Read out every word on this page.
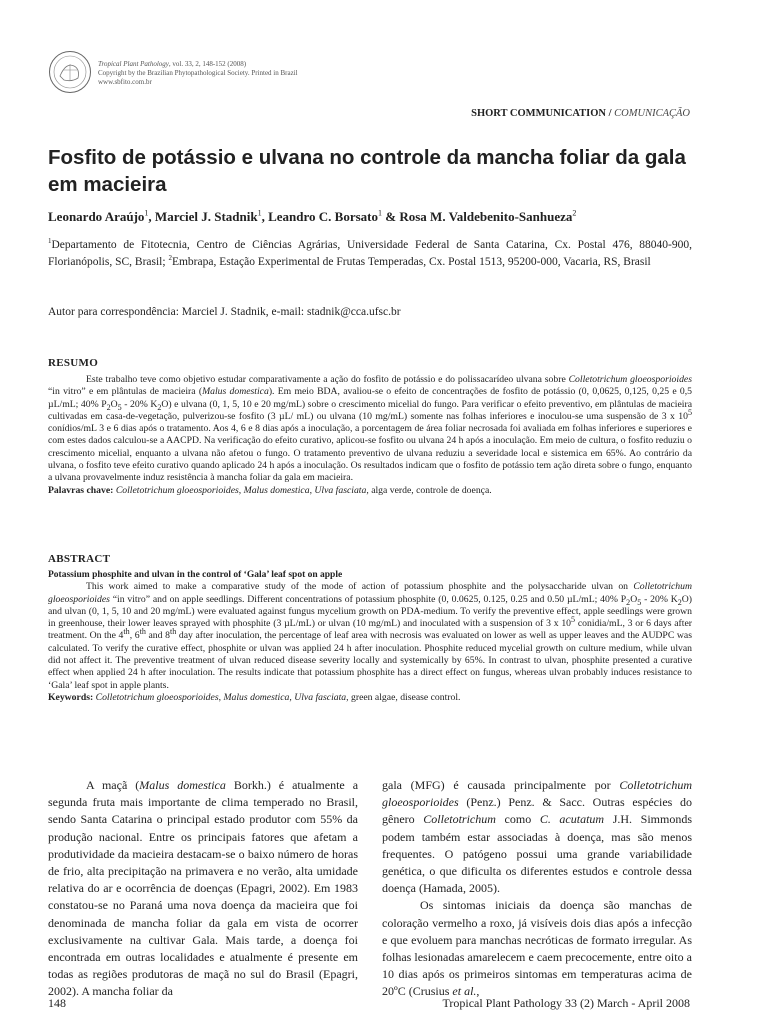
Tropical Plant Pathology, vol. 33, 2, 148-152 (2008)
Copyright by the Brazilian Phytopathological Society. Printed in Brazil
www.sbfito.com.br
SHORT COMMUNICATION / COMUNICAÇÃO
Fosfito de potássio e ulvana no controle da mancha foliar da gala em macieira
Leonardo Araújo$^1$, Marciel J. Stadnik$^1$, Leandro C. Borsato$^1$ & Rosa M. Valdebenito-Sanhueza$^2$
$^1$Departamento de Fitotecnia, Centro de Ciências Agrárias, Universidade Federal de Santa Catarina, Cx. Postal 476, 88040-900, Florianópolis, SC, Brasil; $^2$Embrapa, Estação Experimental de Frutas Temperadas, Cx. Postal 1513, 95200-000, Vacaria, RS, Brasil
Autor para correspondência: Marciel J. Stadnik, e-mail: stadnik@cca.ufsc.br
RESUMO

Este trabalho teve como objetivo estudar comparativamente a ação do fosfito de potássio e do polissacarídeo ulvana sobre Colletotrichum gloeosporioides “in vitro” e em plântulas de macieira (Malus domestica). Em meio BDA, avaliou-se o efeito de concentrações de fosfito de potássio (0, 0,0625, 0,125, 0,25 e 0,5 µL/mL; 40% $P_2O_5 - 20\%$ $K_2O$) e ulvana (0, 1, 5, 10 e 20 mg/mL) sobre o crescimento micelial do fungo. Para verificar o efeito preventivo, em plântulas de macieira cultivadas em casa-de-vegetação, pulverizou-se fosfito (3 µL/ mL) ou ulvana (10 mg/mL) somente nas folhas inferiores e inoculou-se uma suspensão de 3 x $10^5$ conídios/mL 3 e 6 dias após o tratamento. Aos 4, 6 e 8 dias após a inoculação, a porcentagem de área foliar necrosada foi avaliada em folhas inferiores e superiores e com estes dados calculou-se a AACPD. Na verificação do efeito curativo, aplicou-se fosfito ou ulvana 24 h após a inoculação. Em meio de cultura, o fosfito reduziu o crescimento micelial, enquanto a ulvana não afetou o fungo. O tratamento preventivo de ulvana reduziu a severidade local e sistemica em 65%. Ao contrário da ulvana, o fosfito teve efeito curativo quando aplicado 24 h após a inoculação. Os resultados indicam que o fosfito de potássio tem ação direta sobre o fungo, enquanto a ulvana provavelmente induz resistência à mancha foliar da gala em macieira.

Palavras chave: Colletotrichum gloeosporioides, Malus domestica, Ulva fasciata, alga verde, controle de doença.

ABSTRACT

Potassium phosphite and ulvan in the control of ‘Gala’ leaf spot on apple

This work aimed to make a comparative study of the mode of action of potassium phosphite and the polysaccharide ulvan on Colletotrichum gloeosporioides “in vitro” and on apple seedlings. Different concentrations of potassium phosphite (0, 0.0625, 0.125, 0.25 and 0.50 µL/mL; 40% $P_2O_5 - 20\%$ $K_2O$) and ulvan (0, 1, 5, 10 and 20 mg/mL) were evaluated against fungus mycelium growth on PDA-medium. To verify the preventive effect, apple seedlings were grown in greenhouse, their lower leaves sprayed with phosphite (3 µL/mL) or ulvan (10 mg/mL) and inoculated with a suspension of 3 x $10^5$ conidia/mL, 3 or 6 days after treatment. On the 4th, 6th and 8th day after inoculation, the percentage of leaf area with necrosis was evaluated on lower as well as upper leaves and the AUDPC was calculated. To verify the curative effect, phosphite or ulvan was applied 24 h after inoculation. Phosphite reduced mycelial growth on culture medium, while ulvan did not affect it. The preventive treatment of ulvan reduced disease severity locally and systemically by 65%. In contrast to ulvan, phosphite presented a curative effect when applied 24 h after inoculation. The results indicate that potassium phosphite has a direct effect on fungus, whereas ulvan probably induces resistance to ‘Gala’ leaf spot in apple plants.

Keywords: Colletotrichum gloeosporioides, Malus domestica, Ulva fasciata, green algae, disease control.

A maçã (Malus domestica Borkh.) é atualmente a segunda fruta mais importante de clima temperado no Brasil, sendo Santa Catarina o principal estado produtor com 55% da produção nacional. Entre os principais fatores que afetam a produtividade da macieira destacam-se o baixo número de horas de frio, alta precipitação na primavera e no verão, alta umidade relativa do ar e ocorrência de doenças (Epagri, 2002). Em 1983 constatou-se no Paraná uma nova doença da macieira que foi denominada de mancha foliar da gala em vista de ocorrer exclusivamente na cultivar Gala. Mais tarde, a doença foi encontrada em outras localidades e atualmente é presente em todas as regiões produtoras de maçã no sul do Brasil (Epagri, 2002). A mancha foliar da

gala (MFG) é causada principalmente por Colletotrichum gloeosporioides (Penz.) Penz. & Sacc. Outras espécies do gênero Colletotrichum como C. acutatum J.H. Simmonds podem também estar associadas à doença, mas são menos frequentes. O patógeno possui uma grande variabilidade genética, o que dificulta os diferentes estudos e controle dessa doença (Hamada, 2005).

Os sintomas iniciais da doença são manchas de coloração vermelho a roxo, já visíveis dois dias após a infecção e que evoluem para manchas necróticas de formato irregular. As folhas lesionadas amarelecem e caem precocemente, entre oito a 10 dias após os primeiros sintomas em temperaturas acima de 20ºC (Crusius et al.,

148	Tropical Plant Pathology 33 (2) March - April 2008
